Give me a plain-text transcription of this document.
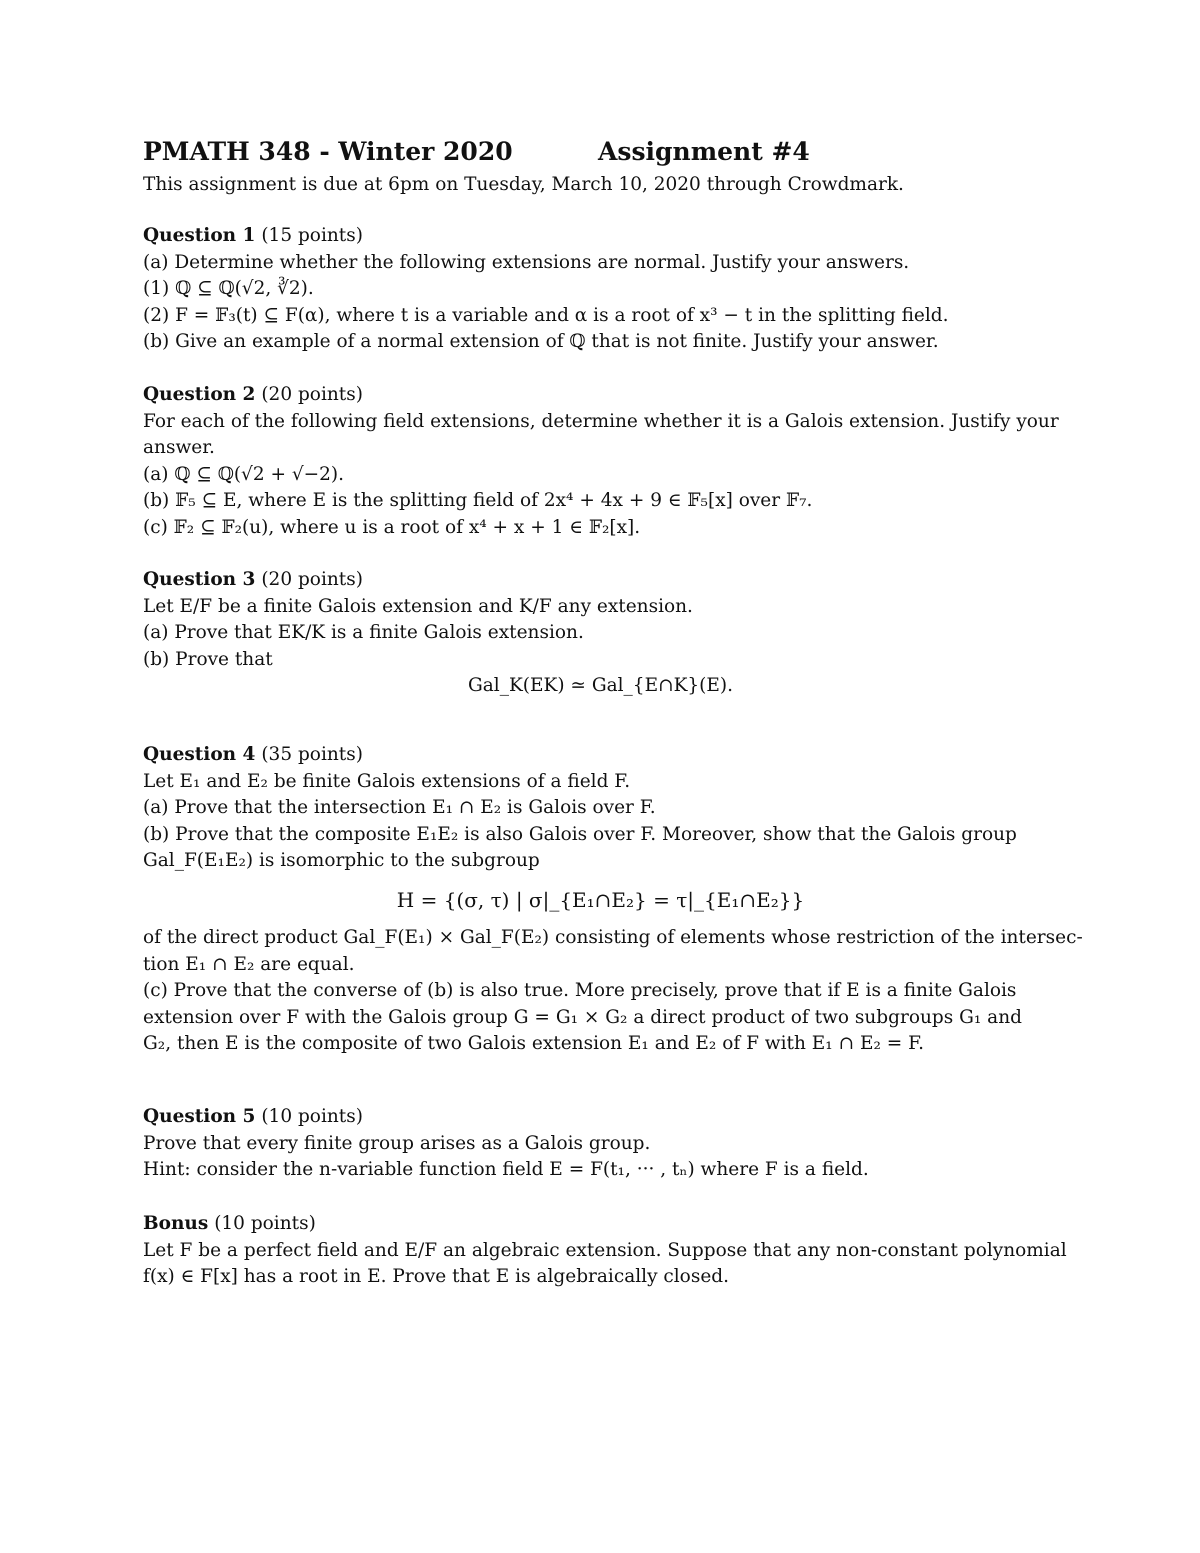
PMATH 348 - Winter 2020	Assignment #4
This assignment is due at 6pm on Tuesday, March 10, 2020 through Crowdmark.
Question 1 (15 points)
(a) Determine whether the following extensions are normal. Justify your answers.
(1) ℚ ⊆ ℚ(√2, ∛2).
(2) F = 𝔽₃(t) ⊆ F(α), where t is a variable and α is a root of x³ − t in the splitting field.
(b) Give an example of a normal extension of ℚ that is not finite. Justify your answer.
Question 2 (20 points)
For each of the following field extensions, determine whether it is a Galois extension. Justify your
answer.
(a) ℚ ⊆ ℚ(√2 + √−2).
(b) 𝔽₅ ⊆ E, where E is the splitting field of 2x⁴ + 4x + 9 ∈ 𝔽₅[x] over 𝔽₇.
(c) 𝔽₂ ⊆ 𝔽₂(u), where u is a root of x⁴ + x + 1 ∈ 𝔽₂[x].
Question 3 (20 points)
Let E/F be a finite Galois extension and K/F any extension.
(a) Prove that EK/K is a finite Galois extension.
(b) Prove that
Gal_K(EK) ≃ Gal_{E∩K}(E).
Question 4 (35 points)
Let E₁ and E₂ be finite Galois extensions of a field F.
(a) Prove that the intersection E₁ ∩ E₂ is Galois over F.
(b) Prove that the composite E₁E₂ is also Galois over F. Moreover, show that the Galois group
Gal_F(E₁E₂) is isomorphic to the subgroup
H = {(σ, τ) | σ|_{E₁∩E₂} = τ|_{E₁∩E₂}}
of the direct product Gal_F(E₁) × Gal_F(E₂) consisting of elements whose restriction of the intersec-
tion E₁ ∩ E₂ are equal.
(c) Prove that the converse of (b) is also true. More precisely, prove that if E is a finite Galois
extension over F with the Galois group G = G₁ × G₂ a direct product of two subgroups G₁ and
G₂, then E is the composite of two Galois extension E₁ and E₂ of F with E₁ ∩ E₂ = F.
Question 5 (10 points)
Prove that every finite group arises as a Galois group.
Hint: consider the n-variable function field E = F(t₁, ··· , tₙ) where F is a field.
Bonus (10 points)
Let F be a perfect field and E/F an algebraic extension. Suppose that any non-constant polynomial
f(x) ∈ F[x] has a root in E. Prove that E is algebraically closed.
